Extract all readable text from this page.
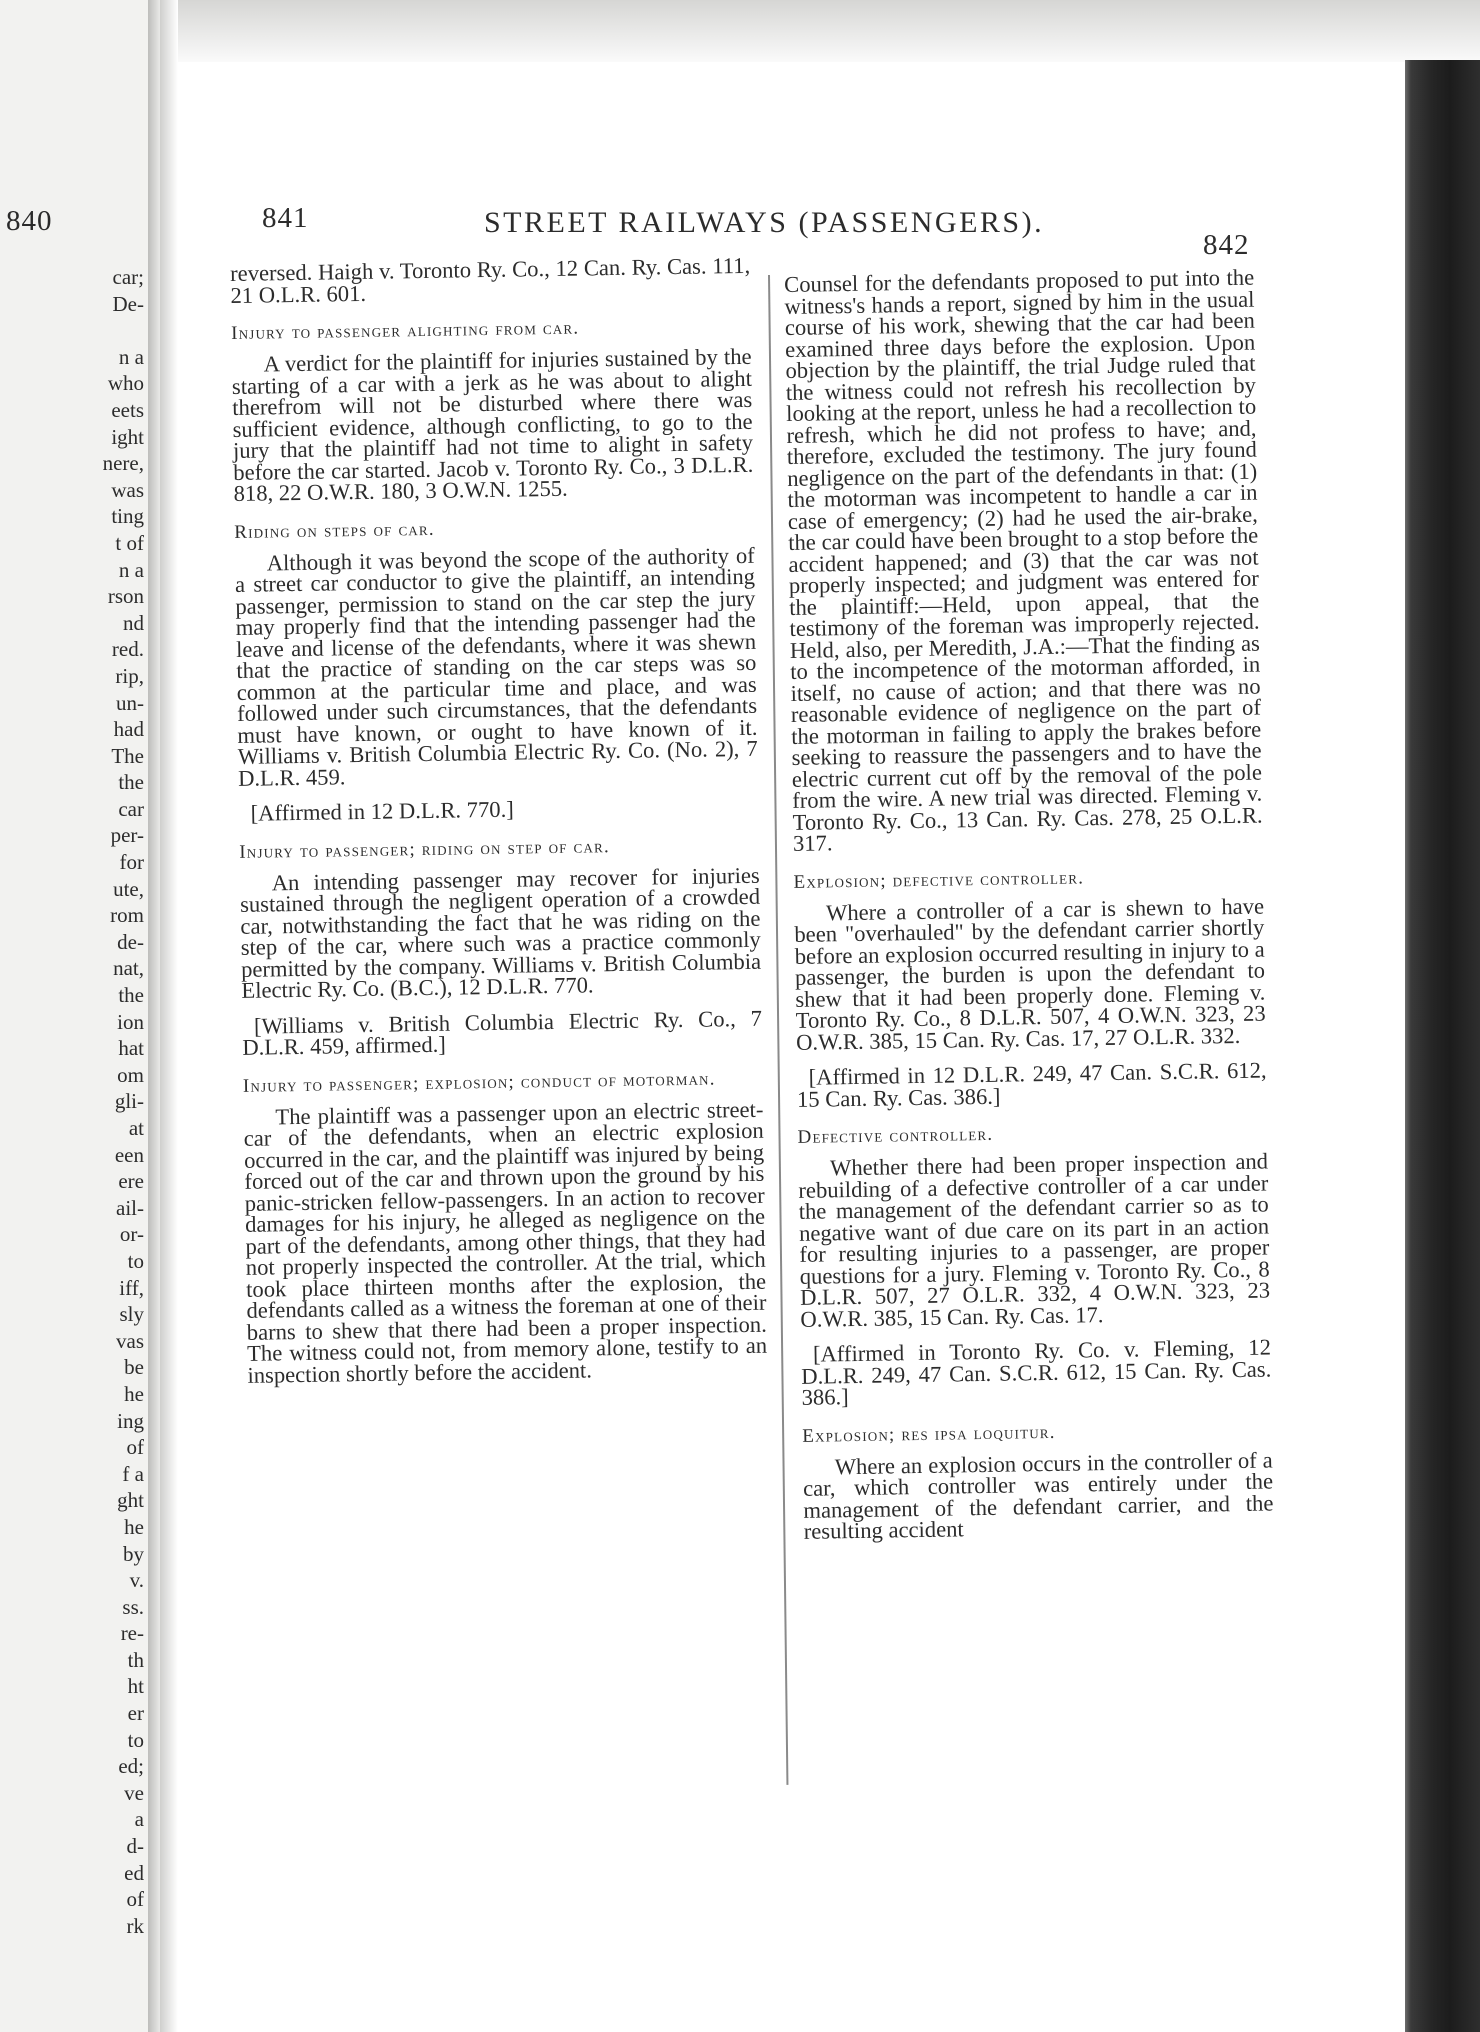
840
car;
De-

n a
who
eets
ight
nere,
was
ting
t of
n a
rson
nd
red.
rip,
un-
had
The
the
car
per-
for
ute,
rom
de-
nat,
the
ion
hat
om
gli-
at
een
ere
ail-
or-
to
iff,
sly
vas
be
he
ing
of
f a
ght
he
by
v.
ss.
re-
th
ht
er
to
ed;
ve
a
d-
ed
of
rk
841	STREET RAILWAYS (PASSENGERS).
842

reversed. Haigh v. Toronto Ry. Co., 12 Can. Ry. Cas. 111, 21 O.L.R. 601.

Injury to passenger alighting from car.

A verdict for the plaintiff for injuries sustained by the starting of a car with a jerk as he was about to alight therefrom will not be disturbed where there was sufficient evidence, although conflicting, to go to the jury that the plaintiff had not time to alight in safety before the car started. Jacob v. Toronto Ry. Co., 3 D.L.R. 818, 22 O.W.R. 180, 3 O.W.N. 1255.

Riding on steps of car.

Although it was beyond the scope of the authority of a street car conductor to give the plaintiff, an intending passenger, permission to stand on the car step the jury may properly find that the intending passenger had the leave and license of the defendants, where it was shewn that the practice of standing on the car steps was so common at the particular time and place, and was followed under such circumstances, that the defendants must have known, or ought to have known of it. Williams v. British Columbia Electric Ry. Co. (No. 2), 7 D.L.R. 459.

[Affirmed in 12 D.L.R. 770.]

Injury to passenger; riding on step of car.

An intending passenger may recover for injuries sustained through the negligent operation of a crowded car, notwithstanding the fact that he was riding on the step of the car, where such was a practice commonly permitted by the company. Williams v. British Columbia Electric Ry. Co. (B.C.), 12 D.L.R. 770.

[Williams v. British Columbia Electric Ry. Co., 7 D.L.R. 459, affirmed.]

Injury to passenger; explosion; conduct of motorman.

The plaintiff was a passenger upon an electric street-car of the defendants, when an electric explosion occurred in the car, and the plaintiff was injured by being forced out of the car and thrown upon the ground by his panic-stricken fellow-passengers. In an action to recover damages for his injury, he alleged as negligence on the part of the defendants, among other things, that they had not properly inspected the controller. At the trial, which took place thirteen months after the explosion, the defendants called as a witness the foreman at one of their barns to shew that there had been a proper inspection. The witness could not, from memory alone, testify to an inspection shortly before the accident.

Counsel for the defendants proposed to put into the witness's hands a report, signed by him in the usual course of his work, shewing that the car had been examined three days before the explosion. Upon objection by the plaintiff, the trial Judge ruled that the witness could not refresh his recollection by looking at the report, unless he had a recollection to refresh, which he did not profess to have; and, therefore, excluded the testimony. The jury found negligence on the part of the defendants in that: (1) the motorman was incompetent to handle a car in case of emergency; (2) had he used the air-brake, the car could have been brought to a stop before the accident happened; and (3) that the car was not properly inspected; and judgment was entered for the plaintiff:—Held, upon appeal, that the testimony of the foreman was improperly rejected. Held, also, per Meredith, J.A.:—That the finding as to the incompetence of the motorman afforded, in itself, no cause of action; and that there was no reasonable evidence of negligence on the part of the motorman in failing to apply the brakes before seeking to reassure the passengers and to have the electric current cut off by the removal of the pole from the wire. A new trial was directed. Fleming v. Toronto Ry. Co., 13 Can. Ry. Cas. 278, 25 O.L.R. 317.

Explosion; defective controller.

Where a controller of a car is shewn to have been "overhauled" by the defendant carrier shortly before an explosion occurred resulting in injury to a passenger, the burden is upon the defendant to shew that it had been properly done. Fleming v. Toronto Ry. Co., 8 D.L.R. 507, 4 O.W.N. 323, 23 O.W.R. 385, 15 Can. Ry. Cas. 17, 27 O.L.R. 332.

[Affirmed in 12 D.L.R. 249, 47 Can. S.C.R. 612, 15 Can. Ry. Cas. 386.]

Defective controller.

Whether there had been proper inspection and rebuilding of a defective controller of a car under the management of the defendant carrier so as to negative want of due care on its part in an action for resulting injuries to a passenger, are proper questions for a jury. Fleming v. Toronto Ry. Co., 8 D.L.R. 507, 27 O.L.R. 332, 4 O.W.N. 323, 23 O.W.R. 385, 15 Can. Ry. Cas. 17.

[Affirmed in Toronto Ry. Co. v. Fleming, 12 D.L.R. 249, 47 Can. S.C.R. 612, 15 Can. Ry. Cas. 386.]

Explosion; res ipsa loquitur.

Where an explosion occurs in the controller of a car, which controller was entirely under the management of the defendant carrier, and the resulting accident
